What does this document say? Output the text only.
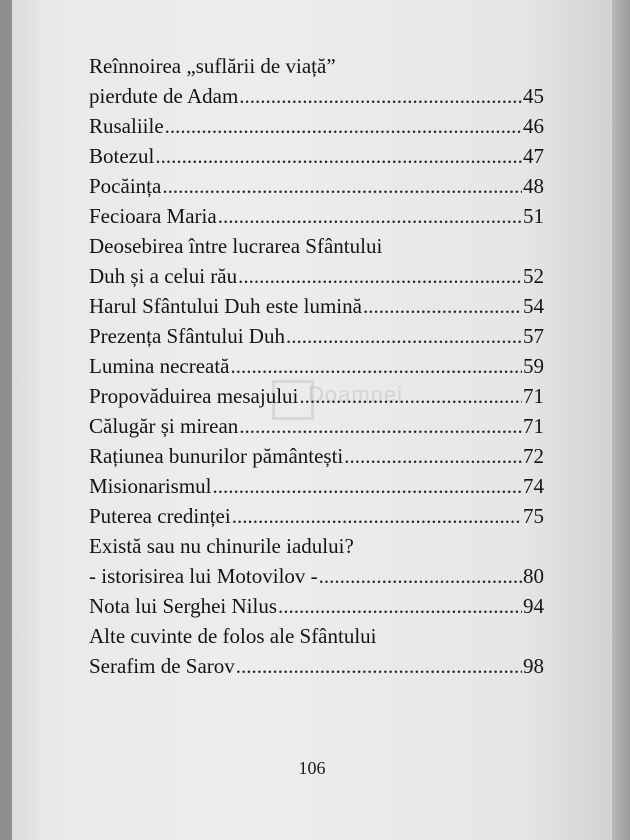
Doamnei
Reînnoirea „suflării de viață”
pierdute de Adam .....	45
Rusaliile .....	46
Botezul .....	47
Pocăința .....	48
Fecioara Maria .....	51
Deosebirea între lucrarea Sfântului
Duh și a celui rău .....	52
Harul Sfântului Duh este lumină .....	54
Prezența Sfântului Duh .....	57
Lumina necreată .....	59
Propovăduirea mesajului .....	71
Călugăr și mirean .....	71
Rațiunea bunurilor pământești .....	72
Misionarismul .....	74
Puterea credinței .....	75
Există sau nu chinurile iadului?
- istorisirea lui Motovilov - .....	80
Nota lui Serghei Nilus .....	94
Alte cuvinte de folos ale Sfântului
Serafim de Sarov .....	98
106
